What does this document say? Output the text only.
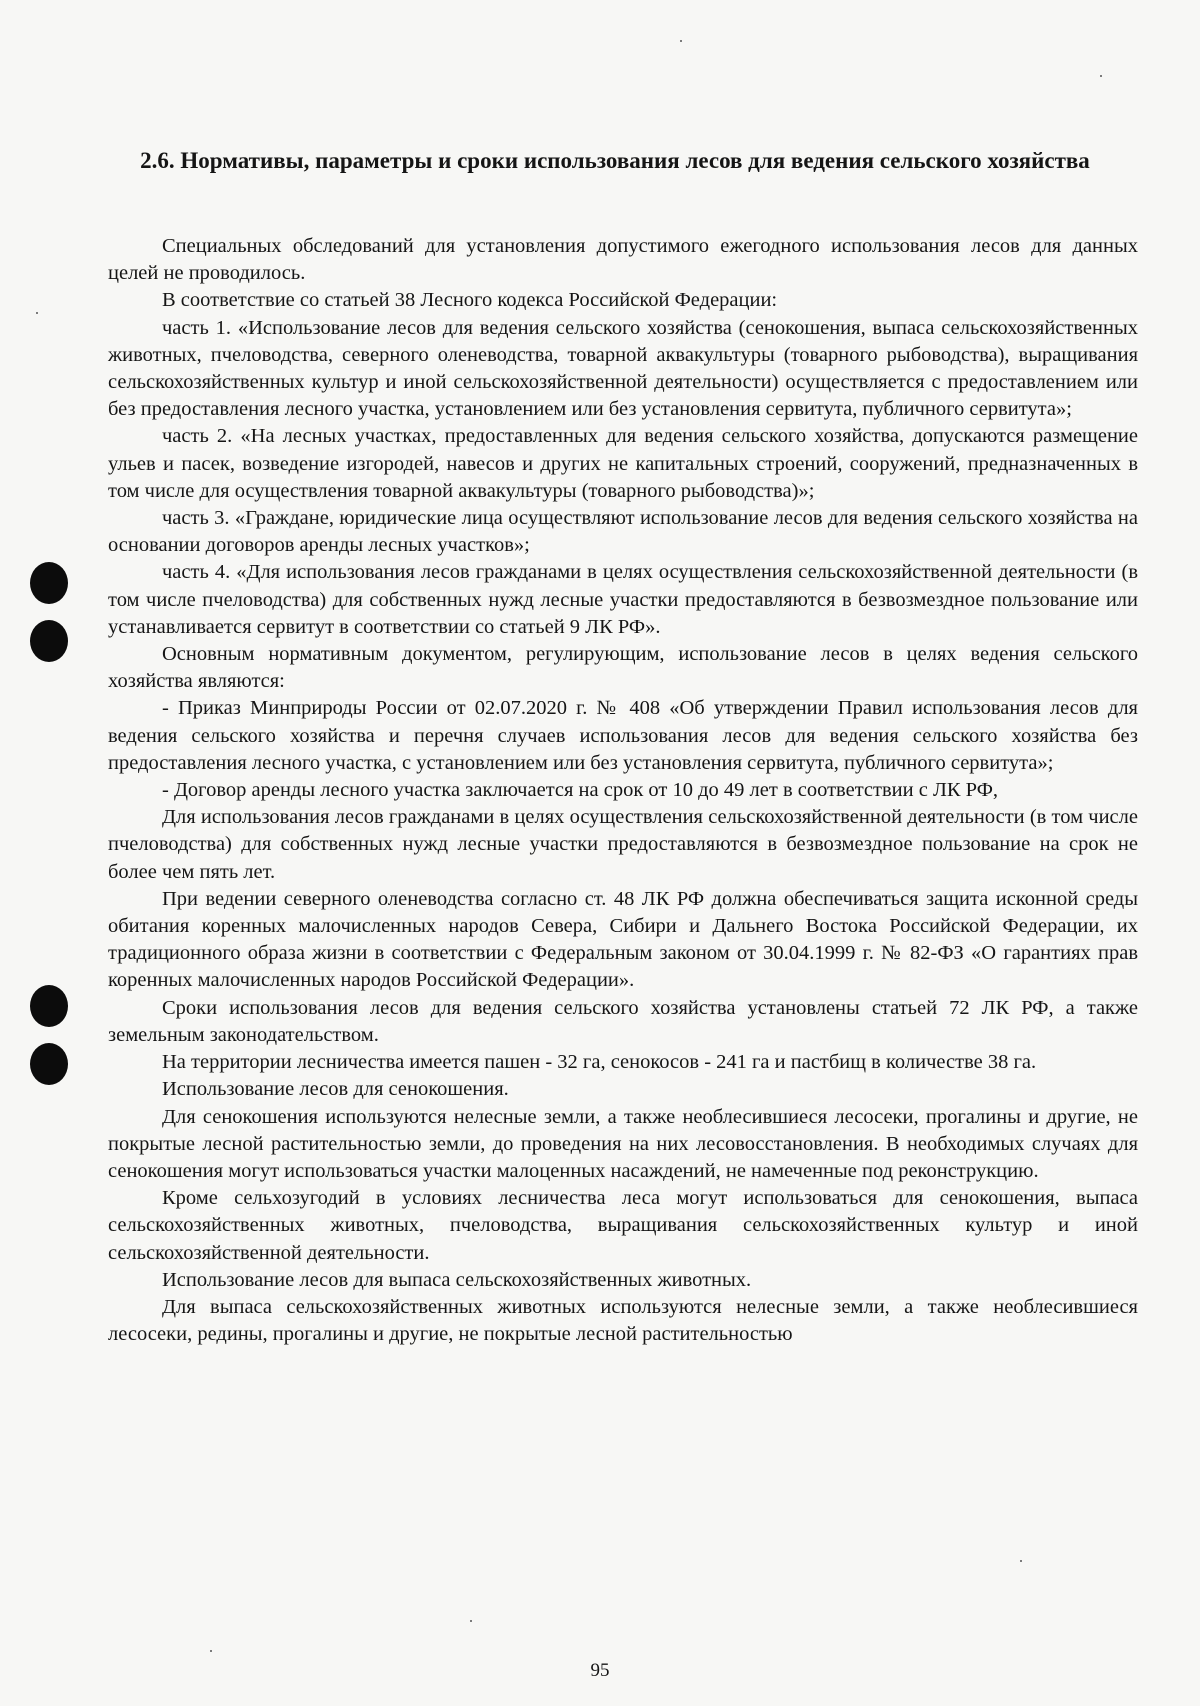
2.6. Нормативы, параметры и сроки использования лесов для ведения сельского хозяйства

Специальных обследований для установления допустимого ежегодного использования лесов для данных целей не проводилось.

В соответствие со статьей 38 Лесного кодекса Российской Федерации:

часть 1. «Использование лесов для ведения сельского хозяйства (сенокошения, выпаса сельскохозяйственных животных, пчеловодства, северного оленеводства, товарной аквакультуры (товарного рыбоводства), выращивания сельскохозяйственных культур и иной сельскохозяйственной деятельности) осуществляется с предоставлением или без предоставления лесного участка, установлением или без установления сервитута, публичного сервитута»;

часть 2. «На лесных участках, предоставленных для ведения сельского хозяйства, допускаются размещение ульев и пасек, возведение изгородей, навесов и других не капитальных строений, сооружений, предназначенных в том числе для осуществления товарной аквакультуры (товарного рыбоводства)»;

часть 3. «Граждане, юридические лица осуществляют использование лесов для ведения сельского хозяйства на основании договоров аренды лесных участков»;

часть 4. «Для использования лесов гражданами в целях осуществления сельскохозяйственной деятельности (в том числе пчеловодства) для собственных нужд лесные участки предоставляются в безвозмездное пользование или устанавливается сервитут в соответствии со статьей 9 ЛК РФ».

Основным нормативным документом, регулирующим, использование лесов в целях ведения сельского хозяйства являются:

- Приказ Минприроды России от 02.07.2020 г. № 408 «Об утверждении Правил использования лесов для ведения сельского хозяйства и перечня случаев использования лесов для ведения сельского хозяйства без предоставления лесного участка, с установлением или без установления сервитута, публичного сервитута»;

- Договор аренды лесного участка заключается на срок от 10 до 49 лет в соответствии с ЛК РФ,

Для использования лесов гражданами в целях осуществления сельскохозяйственной деятельности (в том числе пчеловодства) для собственных нужд лесные участки предоставляются в безвозмездное пользование на срок не более чем пять лет.

При ведении северного оленеводства согласно ст. 48 ЛК РФ должна обеспечиваться защита исконной среды обитания коренных малочисленных народов Севера, Сибири и Дальнего Востока Российской Федерации, их традиционного образа жизни в соответствии с Федеральным законом от 30.04.1999 г. № 82-ФЗ «О гарантиях прав коренных малочисленных народов Российской Федерации».

Сроки использования лесов для ведения сельского хозяйства установлены статьей 72 ЛК РФ, а также земельным законодательством.

На территории лесничества имеется пашен - 32 га, сенокосов - 241 га и пастбищ в количестве 38 га.

Использование лесов для сенокошения.

Для сенокошения используются нелесные земли, а также необлесившиеся лесосеки, прогалины и другие, не покрытые лесной растительностью земли, до проведения на них лесовосстановления. В необходимых случаях для сенокошения могут использоваться участки малоценных насаждений, не намеченные под реконструкцию.

Кроме сельхозугодий в условиях лесничества леса могут использоваться для сенокошения, выпаса сельскохозяйственных животных, пчеловодства, выращивания сельскохозяйственных культур и иной сельскохозяйственной деятельности.

Использование лесов для выпаса сельскохозяйственных животных.

Для выпаса сельскохозяйственных животных используются нелесные земли, а также необлесившиеся лесосеки, редины, прогалины и другие, не покрытые лесной растительностью

95
